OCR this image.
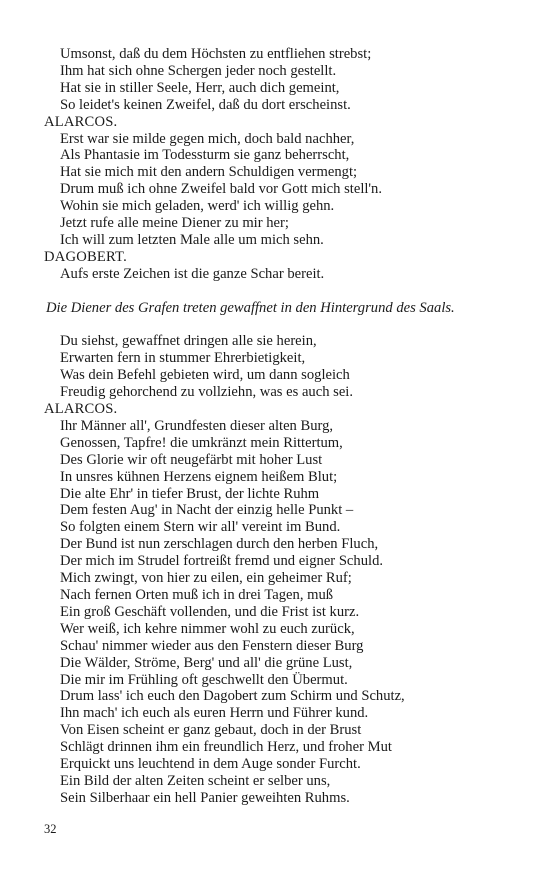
Umsonst, daß du dem Höchsten zu entfliehen strebst;
Ihm hat sich ohne Schergen jeder noch gestellt.
Hat sie in stiller Seele, Herr, auch dich gemeint,
So leidet's keinen Zweifel, daß du dort erscheinst.
ALARCOS.
Erst war sie milde gegen mich, doch bald nachher,
Als Phantasie im Todessturm sie ganz beherrscht,
Hat sie mich mit den andern Schuldigen vermengt;
Drum muß ich ohne Zweifel bald vor Gott mich stell'n.
Wohin sie mich geladen, werd' ich willig gehn.
Jetzt rufe alle meine Diener zu mir her;
Ich will zum letzten Male alle um mich sehn.
DAGOBERT.
Aufs erste Zeichen ist die ganze Schar bereit.
Die Diener des Grafen treten gewaffnet in den Hintergrund des Saals.
Du siehst, gewaffnet dringen alle sie herein,
Erwarten fern in stummer Ehrerbietigkeit,
Was dein Befehl gebieten wird, um dann sogleich
Freudig gehorchend zu vollziehn, was es auch sei.
ALARCOS.
Ihr Männer all', Grundfesten dieser alten Burg,
Genossen, Tapfre! die umkränzt mein Rittertum,
Des Glorie wir oft neugefärbt mit hoher Lust
In unsres kühnen Herzens eignem heißem Blut;
Die alte Ehr' in tiefer Brust, der lichte Ruhm
Dem festen Aug' in Nacht der einzig helle Punkt –
So folgten einem Stern wir all' vereint im Bund.
Der Bund ist nun zerschlagen durch den herben Fluch,
Der mich im Strudel fortreißt fremd und eigner Schuld.
Mich zwingt, von hier zu eilen, ein geheimer Ruf;
Nach fernen Orten muß ich in drei Tagen, muß
Ein groß Geschäft vollenden, und die Frist ist kurz.
Wer weiß, ich kehre nimmer wohl zu euch zurück,
Schau' nimmer wieder aus den Fenstern dieser Burg
Die Wälder, Ströme, Berg' und all' die grüne Lust,
Die mir im Frühling oft geschwellt den Übermut.
Drum lass' ich euch den Dagobert zum Schirm und Schutz,
Ihn mach' ich euch als euren Herrn und Führer kund.
Von Eisen scheint er ganz gebaut, doch in der Brust
Schlägt drinnen ihm ein freundlich Herz, und froher Mut
Erquickt uns leuchtend in dem Auge sonder Furcht.
Ein Bild der alten Zeiten scheint er selber uns,
Sein Silberhaar ein hell Panier geweihten Ruhms.
32
